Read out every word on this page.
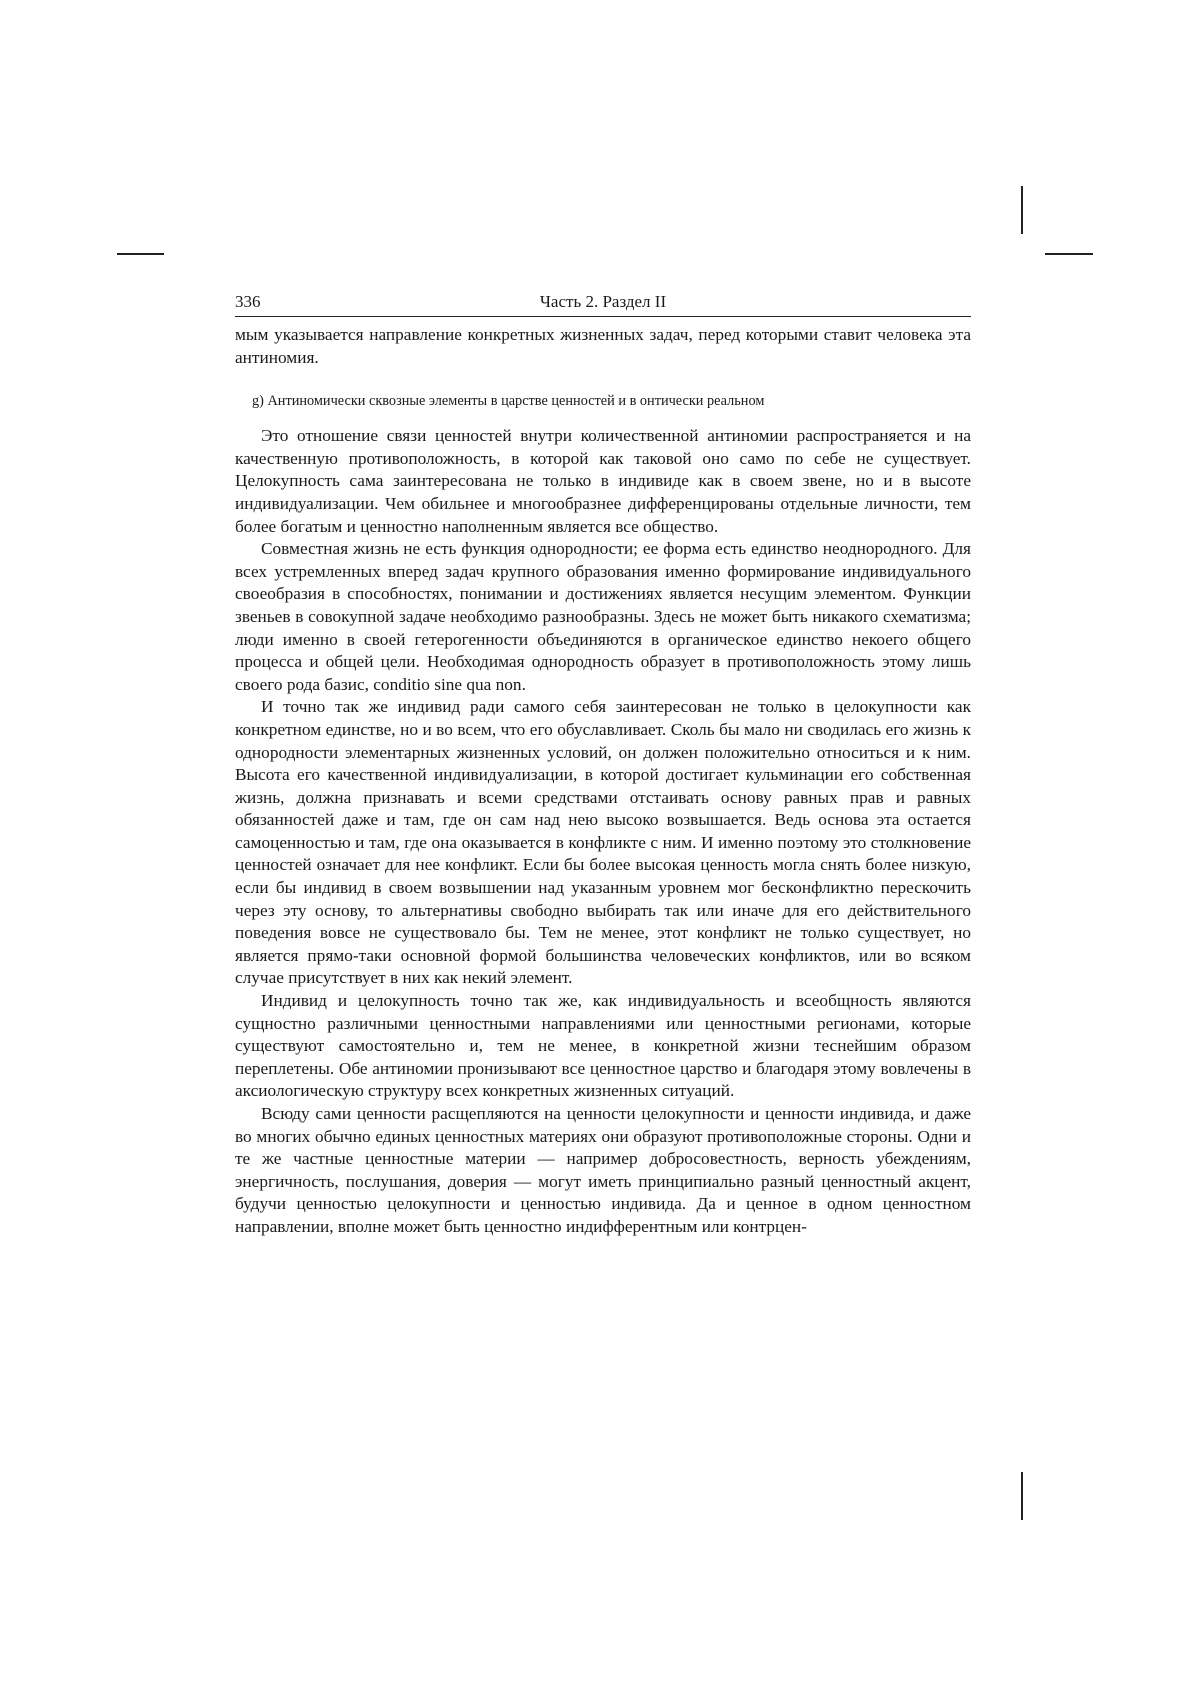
336	Часть 2. Раздел II

мым указывается направление конкретных жизненных задач, перед которыми ставит человека эта антиномия.

g) Антиномически сквозные элементы в царстве ценностей и в онтически реальном

Это отношение связи ценностей внутри количественной антиномии распространяется и на качественную противоположность, в которой как таковой оно само по себе не существует. Целокупность сама заинтересована не только в индивиде как в своем звене, но и в высоте индивидуализации. Чем обильнее и многообразнее дифференцированы отдельные личности, тем более богатым и ценностно наполненным является все общество.

Совместная жизнь не есть функция однородности; ее форма есть единство неоднородного. Для всех устремленных вперед задач крупного образования именно формирование индивидуального своеобразия в способностях, понимании и достижениях является несущим элементом. Функции звеньев в совокупной задаче необходимо разнообразны. Здесь не может быть никакого схематизма; люди именно в своей гетерогенности объединяются в органическое единство некоего общего процесса и общей цели. Необходимая однородность образует в противоположность этому лишь своего рода базис, conditio sine qua non.

И точно так же индивид ради самого себя заинтересован не только в целокупности как конкретном единстве, но и во всем, что его обуславливает. Сколь бы мало ни сводилась его жизнь к однородности элементарных жизненных условий, он должен положительно относиться и к ним. Высота его качественной индивидуализации, в которой достигает кульминации его собственная жизнь, должна признавать и всеми средствами отстаивать основу равных прав и равных обязанностей даже и там, где он сам над нею высоко возвышается. Ведь основа эта остается самоценностью и там, где она оказывается в конфликте с ним. И именно поэтому это столкновение ценностей означает для нее конфликт. Если бы более высокая ценность могла снять более низкую, если бы индивид в своем возвышении над указанным уровнем мог бесконфликтно перескочить через эту основу, то альтернативы свободно выбирать так или иначе для его действительного поведения вовсе не существовало бы. Тем не менее, этот конфликт не только существует, но является прямо-таки основной формой большинства человеческих конфликтов, или во всяком случае присутствует в них как некий элемент.

Индивид и целокупность точно так же, как индивидуальность и всеобщность являются сущностно различными ценностными направлениями или ценностными регионами, которые существуют самостоятельно и, тем не менее, в конкретной жизни теснейшим образом переплетены. Обе антиномии пронизывают все ценностное царство и благодаря этому вовлечены в аксиологическую структуру всех конкретных жизненных ситуаций.

Всюду сами ценности расщепляются на ценности целокупности и ценности индивида, и даже во многих обычно единых ценностных материях они образуют противоположные стороны. Одни и те же частные ценностные материи — например добросовестность, верность убеждениям, энергичность, послушания, доверия — могут иметь принципиально разный ценностный акцент, будучи ценностью целокупности и ценностью индивида. Да и ценное в одном ценностном направлении, вполне может быть ценностно индифферентным или контрцен-
